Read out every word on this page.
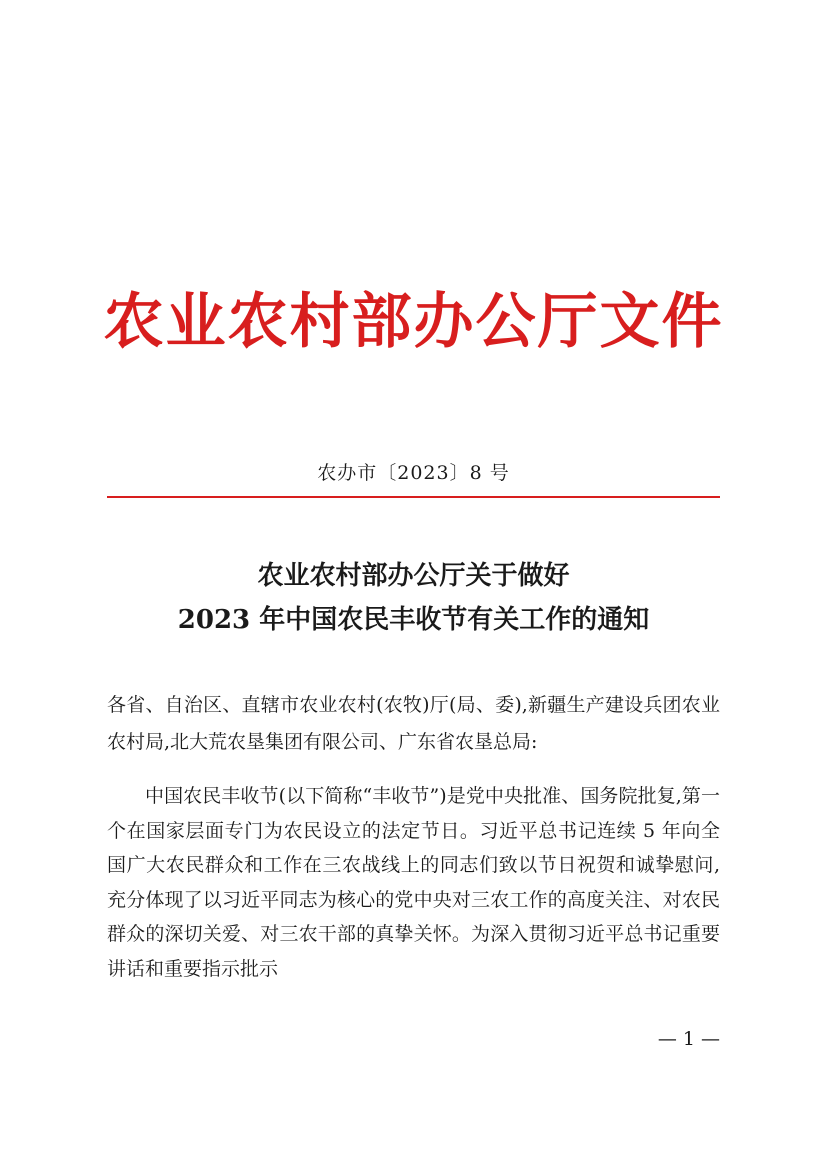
农业农村部办公厅文件
农办市〔2023〕8 号
农业农村部办公厅关于做好
2023 年中国农民丰收节有关工作的通知
各省、自治区、直辖市农业农村(农牧)厅(局、委),新疆生产建设兵团农业农村局,北大荒农垦集团有限公司、广东省农垦总局:
中国农民丰收节(以下简称“丰收节”)是党中央批准、国务院批复,第一个在国家层面专门为农民设立的法定节日。习近平总书记连续 5 年向全国广大农民群众和工作在三农战线上的同志们致以节日祝贺和诚挚慰问,充分体现了以习近平同志为核心的党中央对三农工作的高度关注、对农民群众的深切关爱、对三农干部的真挚关怀。为深入贯彻习近平总书记重要讲话和重要指示批示
— 1 —
